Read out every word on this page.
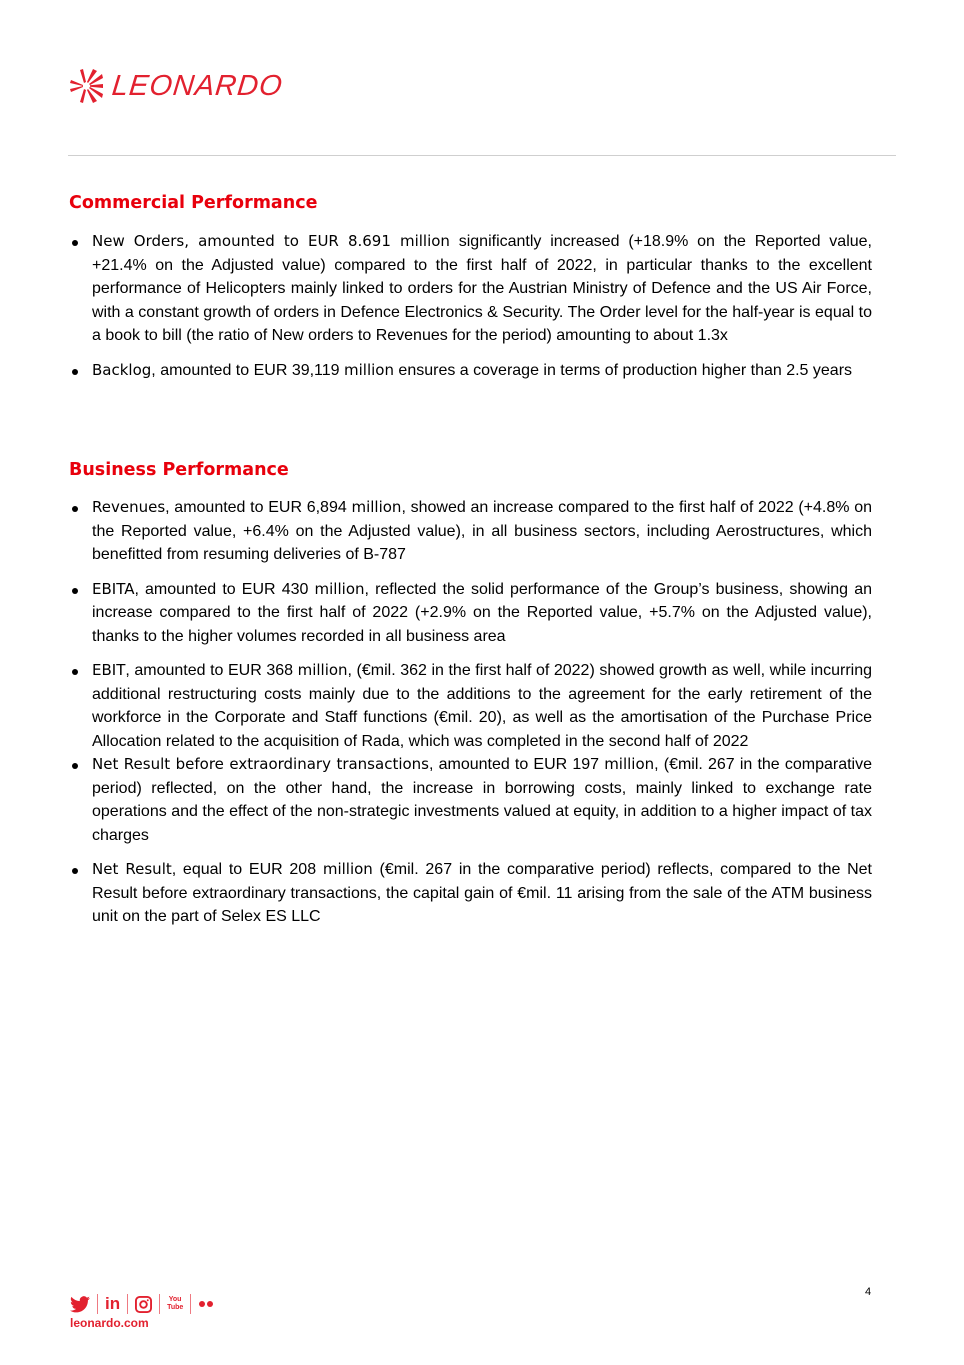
LEONARDO
Commercial Performance
New Orders, amounted to EUR 8.691 million significantly increased (+18.9% on the Reported value, +21.4% on the Adjusted value) compared to the first half of 2022, in particular thanks to the excellent performance of Helicopters mainly linked to orders for the Austrian Ministry of Defence and the US Air Force, with a constant growth of orders in Defence Electronics & Security. The Order level for the half-year is equal to a book to bill (the ratio of New orders to Revenues for the period) amounting to about 1.3x
Backlog, amounted to EUR 39,119 million ensures a coverage in terms of production higher than 2.5 years
Business Performance
Revenues, amounted to EUR 6,894 million, showed an increase compared to the first half of 2022 (+4.8% on the Reported value, +6.4% on the Adjusted value), in all business sectors, including Aerostructures, which benefitted from resuming deliveries of B-787
EBITA, amounted to EUR 430 million, reflected the solid performance of the Group’s business, showing an increase compared to the first half of 2022 (+2.9% on the Reported value, +5.7% on the Adjusted value), thanks to the higher volumes recorded in all business area
EBIT, amounted to EUR 368 million, (€mil. 362 in the first half of 2022) showed growth as well, while incurring additional restructuring costs mainly due to the additions to the agreement for the early retirement of the workforce in the Corporate and Staff functions (€mil. 20), as well as the amortisation of the Purchase Price Allocation related to the acquisition of Rada, which was completed in the second half of 2022
Net Result before extraordinary transactions, amounted to EUR 197 million, (€mil. 267 in the comparative period) reflected, on the other hand, the increase in borrowing costs, mainly linked to exchange rate operations and the effect of the non-strategic investments valued at equity, in addition to a higher impact of tax charges
Net Result, equal to EUR 208 million (€mil. 267 in the comparative period) reflects, compared to the Net Result before extraordinary transactions, the capital gain of €mil. 11 arising from the sale of the ATM business unit on the part of Selex ES LLC
in	You Tube
leonardo.com
4
